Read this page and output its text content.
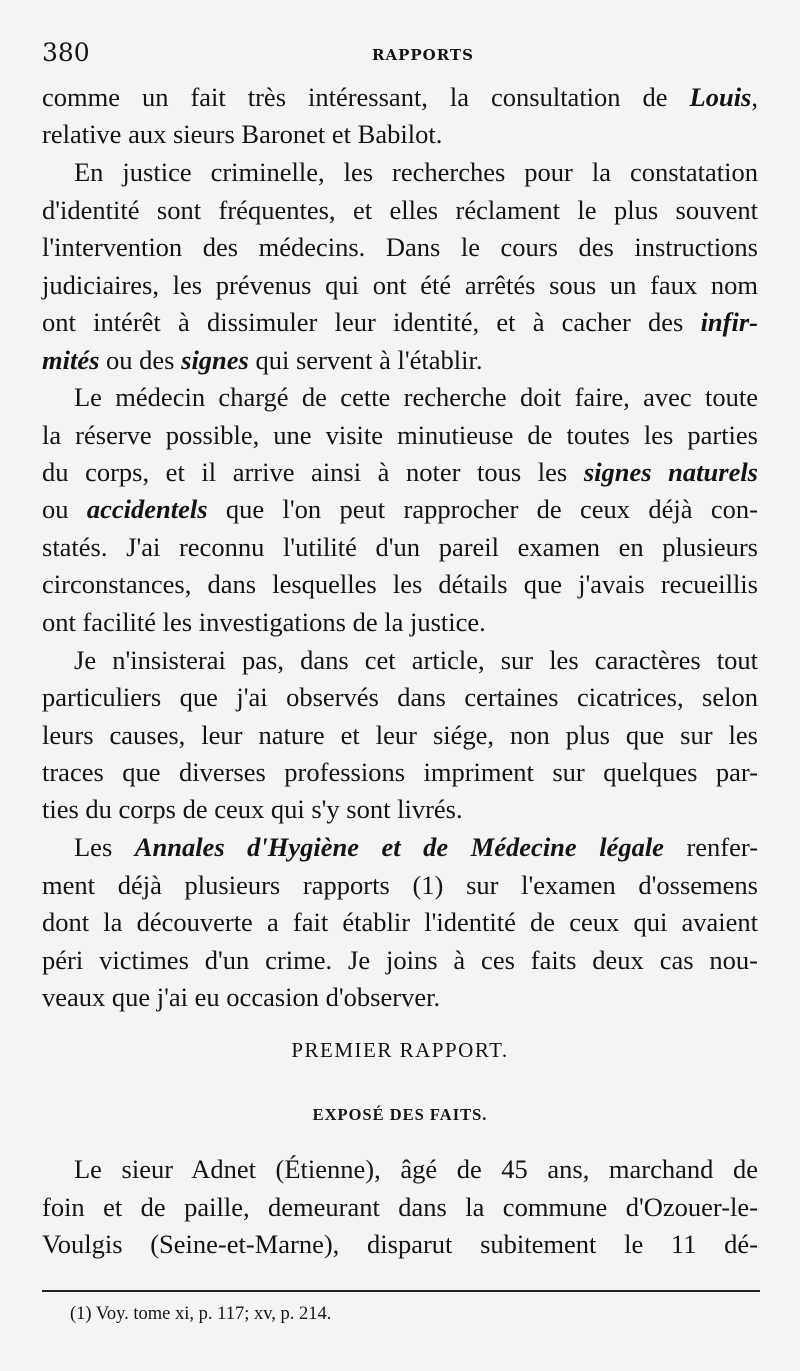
380	RAPPORTS
comme un fait très intéressant, la consultation de Louis,
relative aux sieurs Baronet et Babilot.
En justice criminelle, les recherches pour la constatation
d'identité sont fréquentes, et elles réclament le plus souvent
l'intervention des médecins. Dans le cours des instructions
judiciaires, les prévenus qui ont été arrêtés sous un faux nom
ont intérêt à dissimuler leur identité, et à cacher des infir-
mités ou des signes qui servent à l'établir.
Le médecin chargé de cette recherche doit faire, avec toute
la réserve possible, une visite minutieuse de toutes les parties
du corps, et il arrive ainsi à noter tous les signes naturels
ou accidentels que l'on peut rapprocher de ceux déjà con-
statés. J'ai reconnu l'utilité d'un pareil examen en plusieurs
circonstances, dans lesquelles les détails que j'avais recueillis
ont facilité les investigations de la justice.
Je n'insisterai pas, dans cet article, sur les caractères tout
particuliers que j'ai observés dans certaines cicatrices, selon
leurs causes, leur nature et leur siége, non plus que sur les
traces que diverses professions impriment sur quelques par-
ties du corps de ceux qui s'y sont livrés.
Les Annales d'Hygiène et de Médecine légale renfer-
ment déjà plusieurs rapports (1) sur l'examen d'ossemens
dont la découverte a fait établir l'identité de ceux qui avaient
péri victimes d'un crime. Je joins à ces faits deux cas nou-
veaux que j'ai eu occasion d'observer.
PREMIER RAPPORT.
EXPOSÉ DES FAITS.
Le sieur Adnet (Étienne), âgé de 45 ans, marchand de
foin et de paille, demeurant dans la commune d'Ozouer-le-
Voulgis (Seine-et-Marne), disparut subitement le 11 dé-
(1) Voy. tome xi, p. 117; xv, p. 214.
